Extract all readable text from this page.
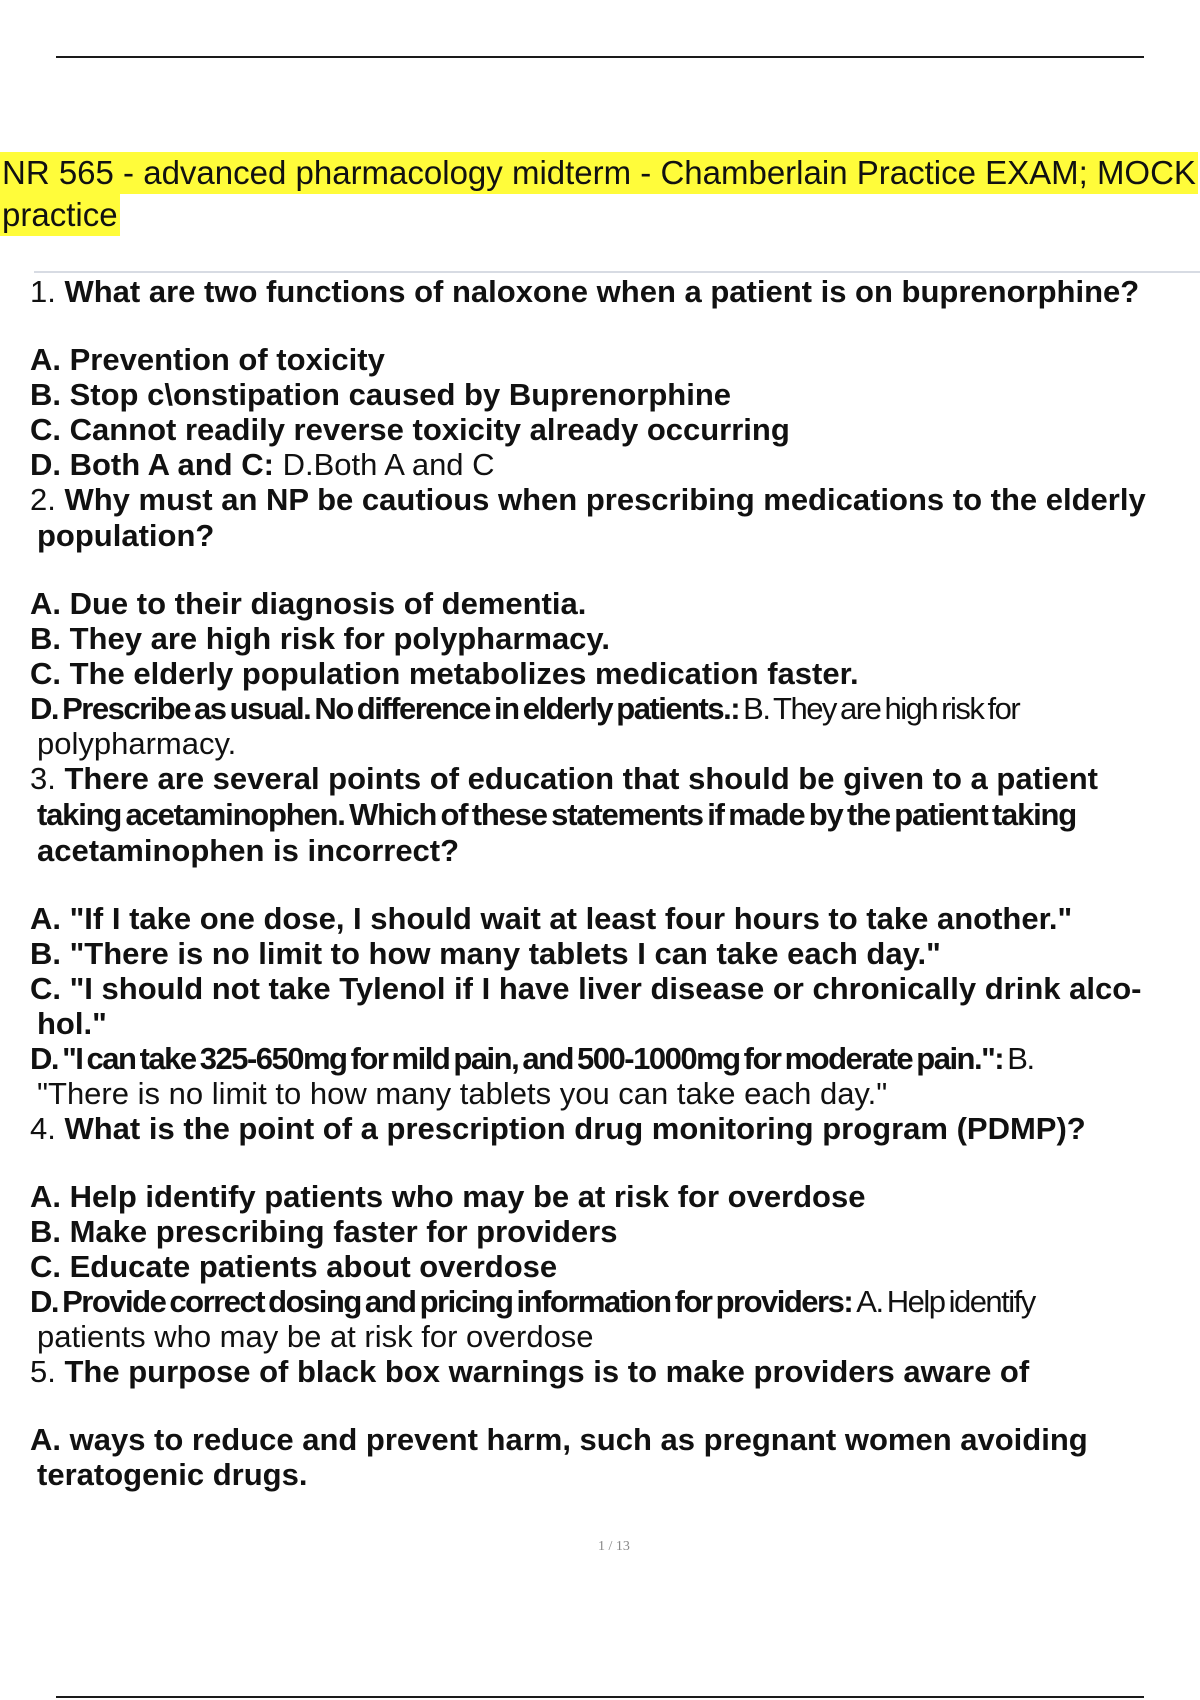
NR 565 - advanced pharmacology midterm - Chamberlain Practice EXAM; MOCK
practice

1. What are two functions of naloxone when a patient is on buprenorphine?

A. Prevention of toxicity

B. Stop c\onstipation caused by Buprenorphine

C. Cannot readily reverse toxicity already occurring

D. Both A and C: D.Both A and C

2. Why must an NP be cautious when prescribing medications to the elderly

population?

A. Due to their diagnosis of dementia.

B. They are high risk for polypharmacy.

C. The elderly population metabolizes medication faster.

D. Prescribe as usual. No difference in elderly patients.: B. They are high risk for

polypharmacy.

3. There are several points of education that should be given to a patient

taking acetaminophen. Which of these statements if made by the patient taking

acetaminophen is incorrect?

A. "If I take one dose, I should wait at least four hours to take another."

B. "There is no limit to how many tablets I can take each day."

C. "I should not take Tylenol if I have liver disease or chronically drink alco-

hol."

D. "I can take 325-650mg for mild pain, and 500-1000mg for moderate pain.": B.

"There is no limit to how many tablets you can take each day."

4. What is the point of a prescription drug monitoring program (PDMP)?

A. Help identify patients who may be at risk for overdose

B. Make prescribing faster for providers

C. Educate patients about overdose

D. Provide correct dosing and pricing information for providers: A. Help identify

patients who may be at risk for overdose

5. The purpose of black box warnings is to make providers aware of

A. ways to reduce and prevent harm, such as pregnant women avoiding

teratogenic drugs.

1 / 13
